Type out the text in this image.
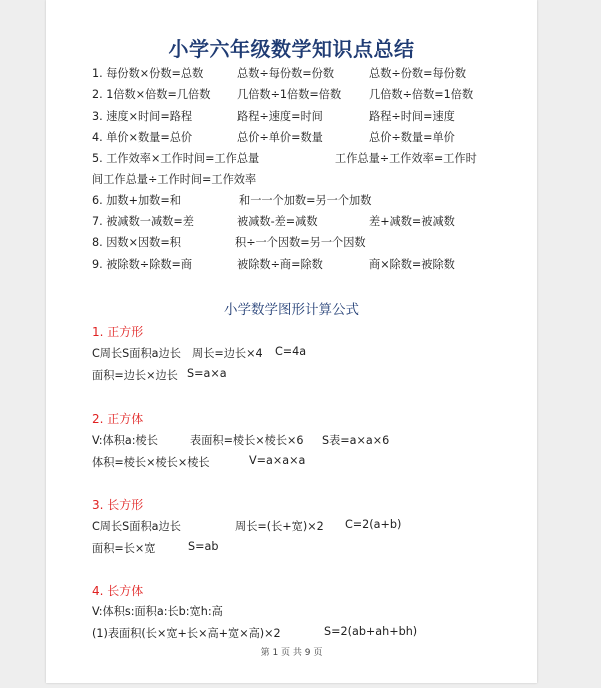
小学六年级数学知识点总结
1. 每份数×份数=总数	总数÷每份数=份数	总数÷份数=每份数
2. 1倍数×倍数=几倍数 几倍数÷1倍数=倍数 几倍数÷倍数=1倍数
3. 速度×时间=路程	路程÷速度=时间	路程÷时间=速度
4. 单价×数量=总价	总价÷单价=数量	总价÷数量=单价
5. 工作效率×工作时间=工作总量	工作总量÷工作效率=工作时
间工作总量÷工作时间=工作效率
6. 加数+加数=和	和一一个加数=另一个加数
7. 被减数一减数=差	被减数-差=减数	差+减数=被减数
8. 因数×因数=积	积÷一个因数=另一个因数
9. 被除数÷除数=商	被除数÷商=除数	商×除数=被除数
小学数学图形计算公式
1. 正方形
C周长S面积a边长 周长=边长×4 C=4a
面积=边长×边长 S=a×a
2. 正方体
V:体积a:棱长	表面积=棱长×棱长×6 S表=a×a×6
体积=棱长×棱长×棱长	V=a×a×a
3. 长方形
C周长S面积a边长	周长=(长+宽)×2 C=2(a+b)
面积=长×宽	S=ab
4. 长方体
V:体积s:面积a:长b:宽h:高
(1)表面积(长×宽+长×高+宽×高)×2	S=2(ab+ah+bh)
第 1 页 共 9 页
